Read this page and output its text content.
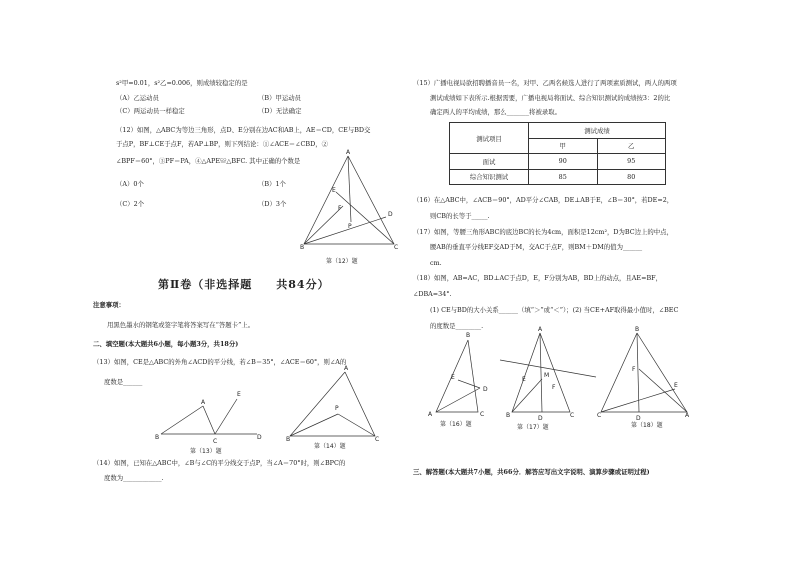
s²甲=0.01，s²乙=0.006，则成绩较稳定的是
（A）乙运动员	（B）甲运动员
（C）两运动员一样稳定	（D）无法确定
（12）如图，△ABC为等边三角形，点D、E分别在边AC和AB上，AE＝CD，CE与BD交
于点P，BF⊥CE于点F，若AP⊥BP，则下列结论：①∠ACE＝∠CBD，②
∠BPF＝60°，③PF＝PA，④△APE≌△BFC. 其中正确的个数是
（A）0个	（B）1个
（C）2个	（D）3个
A
B	C
D
E
F
P
第（12）题
第Ⅱ卷（非选择题　　共84分）
注意事项：
用黑色墨水的钢笔或签字笔将答案写在“答题卡”上。
二、填空题(本大题共6小题，每小题3分，共18分)
（13）如图，CE是△ABC的外角∠ACD的平分线，若∠B＝35°，∠ACE＝60°，则∠A的
度数是______
B
A
C
D
E
第（13）题
A
B	C
P
第（14）题
（14）如图，已知在△ABC中，∠B与∠C的平分线交于点P，当∠A＝70°时，则∠BPC的
度数为____________.
（15）广播电视局欲招聘播音员一名，对甲、乙两名候选人进行了两项素质测试，两人的两项
测试成绩如下表所示.根据需要，广播电视局将面试、综合知识测试的成绩按3：2的比
确定两人的平均成绩，那么_______将被录取。
测试项目	测试成绩	
	甲	乙
面试	90	95
综合知识测试	85	80
（16）在△ABC中，∠ACB＝90°，AD平分∠CAB，DE⊥AB于E，∠B＝30°，若DE=2，
则CB的长等于_____.
（17）如图，等腰三角形ABC的底边BC的长为4cm，面积是12cm²，D为BC边上的中点，
腰AB的垂直平分线EF交AD于M，交AC于点F，则BM＋DM的值为______
cm.
（18）如图，AB=AC，BD⊥AC于点D，E，F分别为AB，BD上的动点，且AE=BF，
∠DBA=34°.
(1) CE与BD的大小关系______（填“＞”或“＜”）；(2) 当CE+AF取得最小值时，∠BEC
的度数是________.
B
A	C
D
E
第（16）题
A
B	C
D
E
F
M
第（17）题
B
C	D	A
E
F
第（18）题
三、解答题(本大题共7小题，共66分．解答应写出文字说明、演算步骤或证明过程)
